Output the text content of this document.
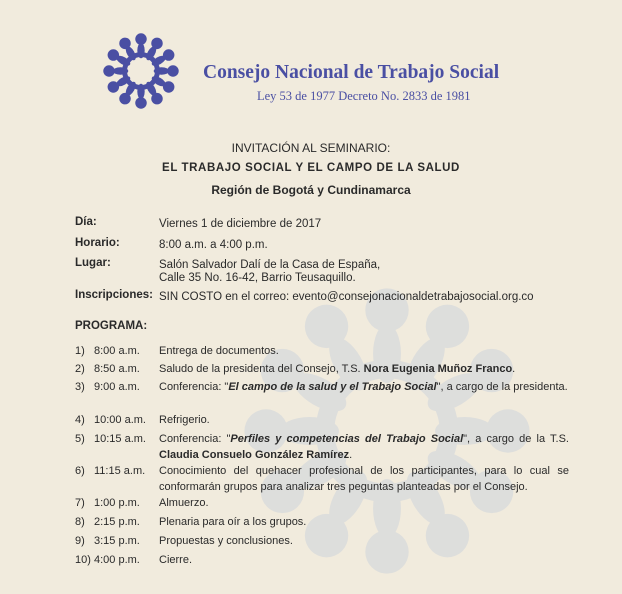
Consejo Nacional de Trabajo Social
Ley 53 de 1977 Decreto No. 2833 de 1981
INVITACIÓN AL SEMINARIO:
EL TRABAJO SOCIAL Y EL CAMPO DE LA SALUD
Región de Bogotá y Cundinamarca
Día:	Viernes 1 de diciembre de 2017
Horario:	8:00 a.m. a 4:00 p.m.
Lugar:	Salón Salvador Dalí de la Casa de España,
Calle 35 No. 16-42, Barrio Teusaquillo.
Inscripciones: SIN COSTO en el correo: evento@consejonacionaldetrabajosocial.org.co
PROGRAMA:
1) 8:00 a.m. Entrega de documentos.
2) 8:50 a.m. Saludo de la presidenta del Consejo, T.S. Nora Eugenia Muñoz Franco.
3) 9:00 a.m. Conferencia: "El campo de la salud y el Trabajo Social", a cargo de la presidenta.
4) 10:00 a.m. Refrigerio.
5) 10:15 a.m. Conferencia: "Perfiles y competencias del Trabajo Social", a cargo de la T.S. Claudia Consuelo González Ramírez.
6) 11:15 a.m. Conocimiento del quehacer profesional de los participantes, para lo cual se conformarán grupos para analizar tres peguntas planteadas por el Consejo.
7) 1:00 p.m. Almuerzo.
8) 2:15 p.m. Plenaria para oír a los grupos.
9) 3:15 p.m. Propuestas y conclusiones.
10) 4:00 p.m. Cierre.
